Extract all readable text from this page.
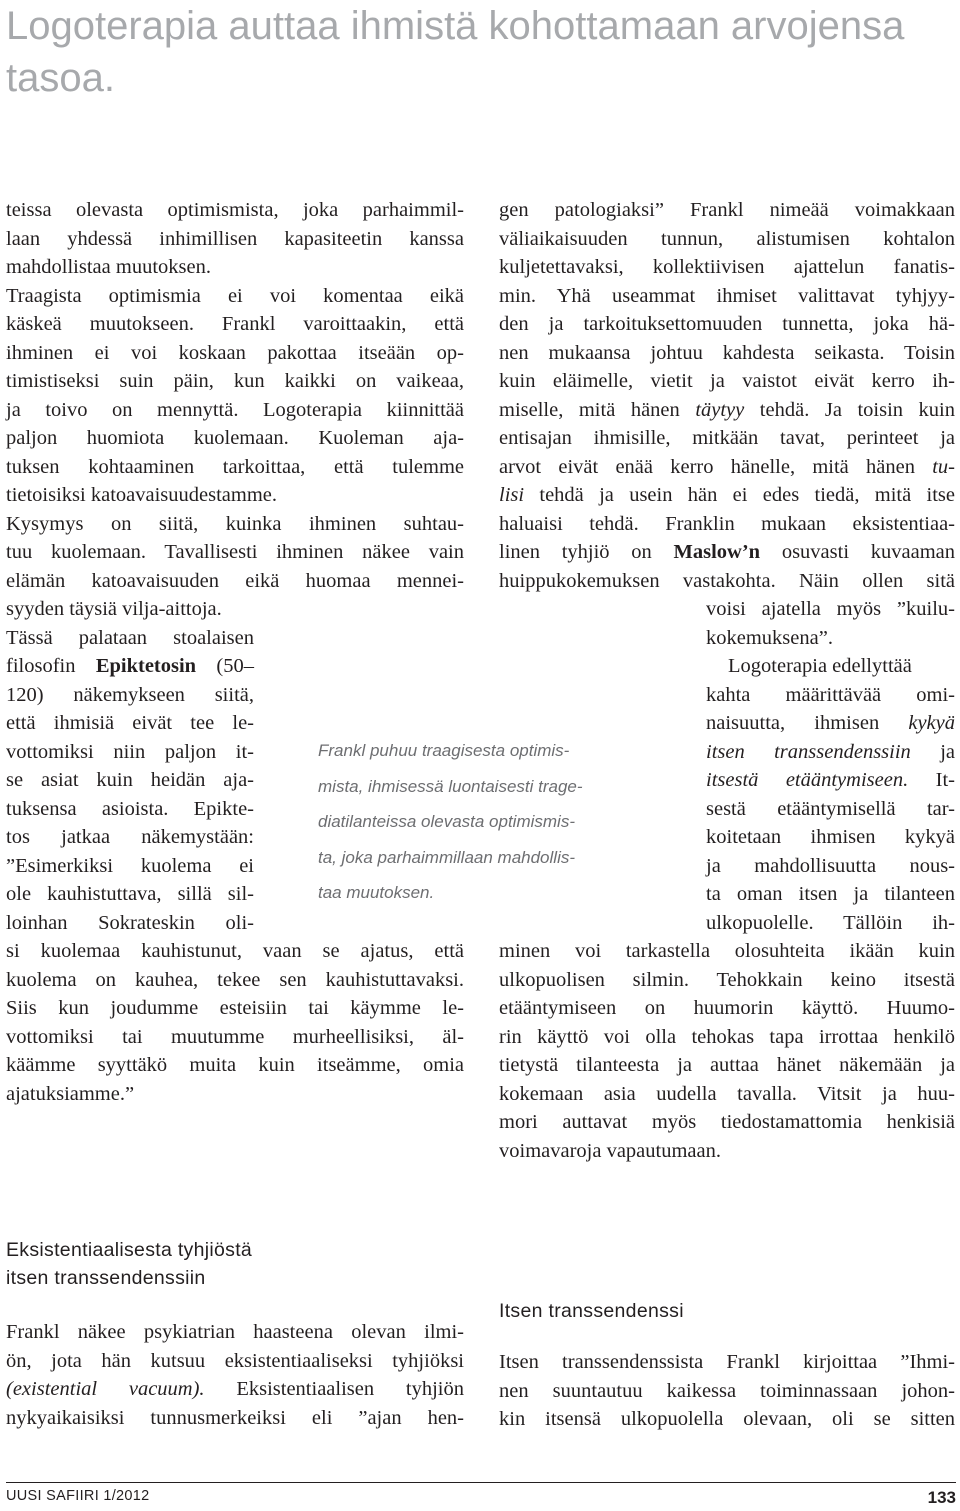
Logoterapia auttaa ihmistä kohottamaan arvojensa tasoa.
teissa olevasta optimismista, joka parhaimmil-
laan yhdessä inhimillisen kapasiteetin kanssa
mahdollistaa muutoksen.
Traagista optimismia ei voi komentaa eikä
käskeä muutokseen. Frankl varoittaakin, että
ihminen ei voi koskaan pakottaa itseään op-
timistiseksi suin päin, kun kaikki on vaikeaa,
ja toivo on mennyttä. Logoterapia kiinnittää
paljon huomiota kuolemaan. Kuoleman aja-
tuksen kohtaaminen tarkoittaa, että tulemme
tietoisiksi katoavaisuudestamme.
Kysymys on siitä, kuinka ihminen suhtau-
tuu kuolemaan. Tavallisesti ihminen näkee vain
elämän katoavaisuuden eikä huomaa mennei-
syyden täysiä vilja-aittoja.
Tässä palataan stoalaisen
filosofin Epiktetosin (50–
120) näkemykseen siitä,
että ihmisiä eivät tee le-
vottomiksi niin paljon it-
se asiat kuin heidän aja-
tuksensa asioista. Epikte-
tos jatkaa näkemystään:
”Esimerkiksi kuolema ei
ole kauhistuttava, sillä sil-
loinhan Sokrateskin oli-
si kuolemaa kauhistunut, vaan se ajatus, että
kuolema on kauhea, tekee sen kauhistuttavaksi.
Siis kun joudumme esteisiin tai käymme le-
vottomiksi tai muutumme murheellisiksi, äl-
käämme syyttäkö muita kuin itseämme, omia
ajatuksiamme.”
Eksistentiaalisesta tyhjiöstä
itsen transsendenssiin
Frankl näkee psykiatrian haasteena olevan ilmi-
ön, jota hän kutsuu eksistentiaaliseksi tyhjiöksi
(existential vacuum). Eksistentiaalisen tyhjiön
nykyaikaisiksi tunnusmerkeiksi eli ”ajan hen-
Frankl puhuu traagisesta optimis-
mista, ihmisessä luontaisesti trage-
diatilanteissa olevasta optimismis-
ta, joka parhaimmillaan mahdollis-
taa muutoksen.
gen patologiaksi” Frankl nimeää voimakkaan
väliaikaisuuden tunnun, alistumisen kohtalon
kuljetettavaksi, kollektiivisen ajattelun fanatis-
min. Yhä useammat ihmiset valittavat tyhjyy-
den ja tarkoituksettomuuden tunnetta, joka hä-
nen mukaansa johtuu kahdesta seikasta. Toisin
kuin eläimelle, vietit ja vaistot eivät kerro ih-
miselle, mitä hänen täytyy tehdä. Ja toisin kuin
entisajan ihmisille, mitkään tavat, perinteet ja
arvot eivät enää kerro hänelle, mitä hänen tu-
lisi tehdä ja usein hän ei edes tiedä, mitä itse
haluaisi tehdä. Franklin mukaan eksistentiaa-
linen tyhjiö on Maslow’n osuvasti kuvaaman
huippukokemuksen vastakohta. Näin ollen sitä
voisi ajatella myös ”kuilu-
kokemuksena”.
Logoterapia edellyttää
kahta määrittävää omi-
naisuutta, ihmisen kykyä
itsen transsendenssiin ja
itsestä etääntymiseen. It-
sestä etääntymisellä tar-
koitetaan ihmisen kykyä
ja mahdollisuutta nous-
ta oman itsen ja tilanteen
ulkopuolelle. Tällöin ih-
minen voi tarkastella olosuhteita ikään kuin
ulkopuolisen silmin. Tehokkain keino itsestä
etääntymiseen on huumorin käyttö. Huumo-
rin käyttö voi olla tehokas tapa irrottaa henkilö
tietystä tilanteesta ja auttaa hänet näkemään ja
kokemaan asia uudella tavalla. Vitsit ja huu-
mori auttavat myös tiedostamattomia henkisiä
voimavaroja vapautumaan.
Itsen transsendenssi
Itsen transsendenssista Frankl kirjoittaa ”Ihmi-
nen suuntautuu kaikessa toiminnassaan johon-
kin itsensä ulkopuolella olevaan, oli se sitten
UUSI SAFIIRI 1/2012	133
